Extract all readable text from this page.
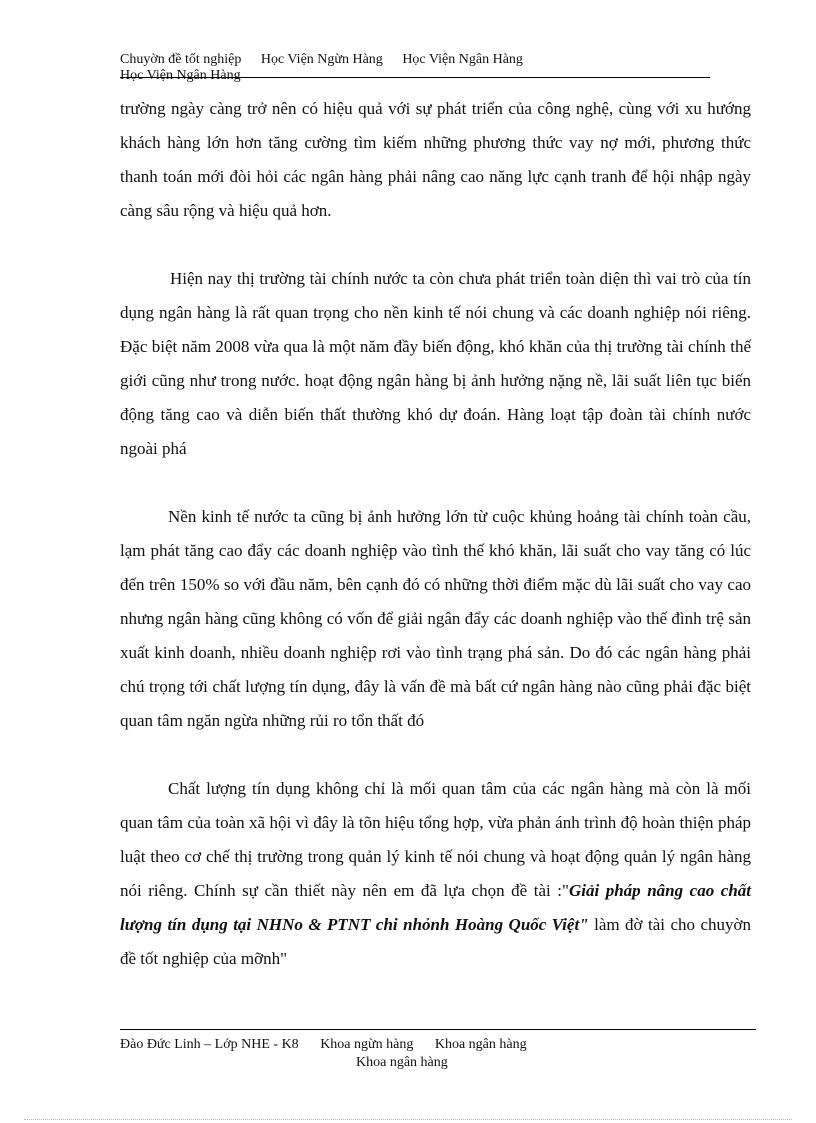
Chuyờn đề tốt nghiệp Học Viện Ngừn Hàng Học Viện Ngân Hàng
Học Viện Ngân Hàng

trường ngày càng trở nên có hiệu quả với sự phát triển của công nghệ, cùng với xu hướng khách hàng lớn hơn tăng cường tìm kiếm những phương thức vay nợ mới, phương thức thanh toán mới đòi hỏi các ngân hàng phải nâng cao năng lực cạnh tranh để hội nhập ngày càng sâu rộng và hiệu quả hơn.

Hiện nay thị trường tài chính nước ta còn chưa phát triển toàn diện thì vai trò của tín dụng ngân hàng là rất quan trọng cho nền kinh tế nói chung và các doanh nghiệp nói riêng. Đặc biệt năm 2008 vừa qua là một năm đầy biến động, khó khăn của thị trường tài chính thế giới cũng như trong nước. hoạt động ngân hàng bị ảnh hưởng nặng nề, lãi suất liên tục biến động tăng cao và diễn biến thất thường khó dự đoán. Hàng loạt tập đoàn tài chính nước ngoài phá

Nền kinh tế nước ta cũng bị ảnh hưởng lớn từ cuộc khủng hoảng tài chính toàn cầu, lạm phát tăng cao đẩy các doanh nghiệp vào tình thế khó khăn, lãi suất cho vay tăng có lúc đến trên 150% so với đầu năm, bên cạnh đó có những thời điểm mặc dù lãi suất cho vay cao nhưng ngân hàng cũng không có vốn để giải ngân đẩy các doanh nghiệp vào thế đình trệ sản xuất kinh doanh, nhiều doanh nghiệp rơi vào tình trạng phá sản. Do đó các ngân hàng phải chú trọng tới chất lượng tín dụng, đây là vấn đề mà bất cứ ngân hàng nào cũng phải đặc biệt quan tâm ngăn ngừa những rủi ro tổn thất đó

Chất lượng tín dụng không chỉ là mối quan tâm của các ngân hàng mà còn là mối quan tâm của toàn xã hội vì đây là tõn hiệu tổng hợp, vừa phản ánh trình độ hoàn thiện pháp luật theo cơ chế thị trường trong quản lý kinh tế nói chung và hoạt động quản lý ngân hàng nói riêng. Chính sự cần thiết này nên em đã lựa chọn đề tài :"Giải pháp nâng cao chất lượng tín dụng tại NHNo & PTNT chi nhỏnh Hoàng Quốc Việt" làm đờ tài cho chuyờn đề tốt nghiệp của mỡnh"

Đào Đức Linh – Lớp NHE - K8 Khoa ngừn hàng Khoa ngân hàng
Khoa ngân hàng
